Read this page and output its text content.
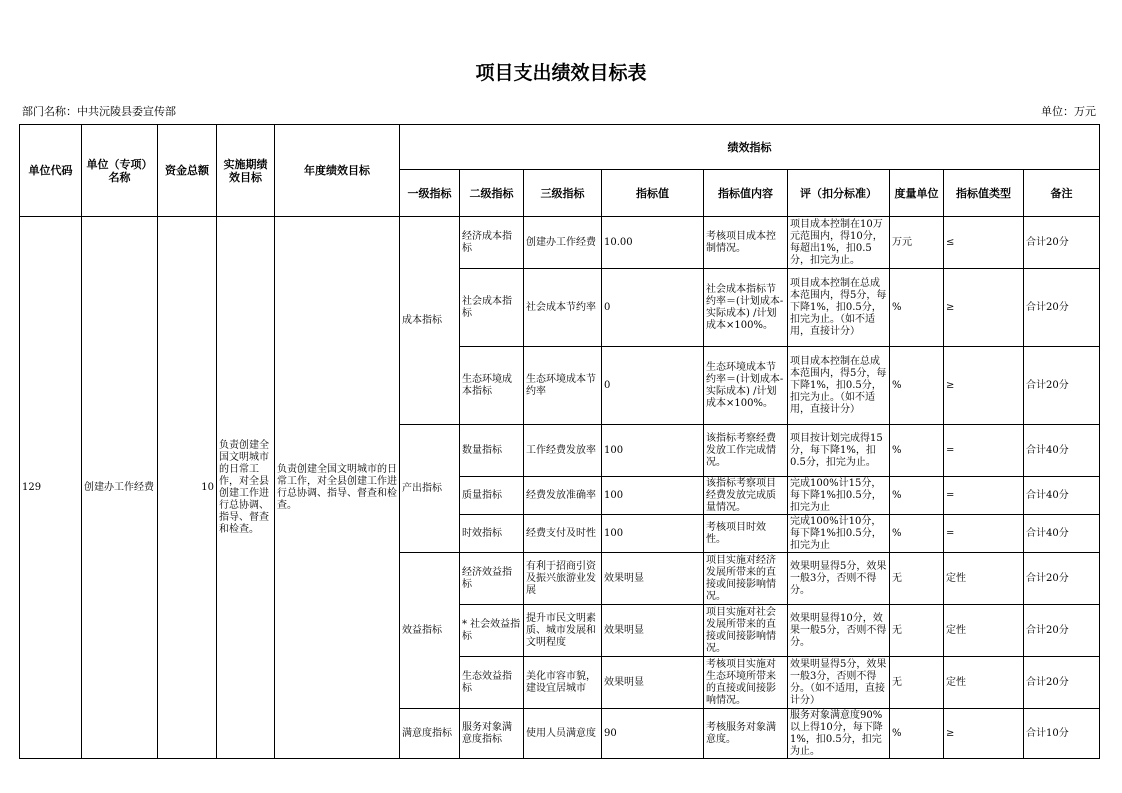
项目支出绩效目标表
部门名称：中共沅陵县委宣传部	单位：万元
单位代码	单位（专项）名称	资金总额	实施期绩效目标	年度绩效目标	绩效指标								
					一级指标	二级指标	三级指标	指标值	指标值内容	评（扣分标准）	度量单位	指标值类型	备注
129	创建办工作经费	10	负责创建全国文明城市的日常工作，对全县创建工作进行总协调、指导、督查和检查。	负责创建全国文明城市的日常工作，对全县创建工作进行总协调、指导、督查和检查。	成本指标	经济成本指标	创建办工作经费	10.00	考核项目成本控制情况。	项目成本控制在10万元范围内，得10分，每超出1%，扣0.5分，扣完为止。	万元	≤	合计20分
						社会成本指标	社会成本节约率	0	社会成本指标节约率＝(计划成本-实际成本) /计划成本×100%。	项目成本控制在总成本范围内，得5分，每下降1%，扣0.5分，扣完为止。（如不适用，直接计分）	%	≥	合计20分
						生态环境成本指标	生态环境成本节约率	0	生态环境成本节约率＝(计划成本-实际成本) /计划成本×100%。	项目成本控制在总成本范围内，得5分，每下降1%，扣0.5分，扣完为止。（如不适用，直接计分）	%	≥	合计20分
					产出指标	数量指标	工作经费发放率	100	该指标考察经费发放工作完成情况。	项目按计划完成得15分，每下降1%，扣0.5分，扣完为止。	%	=	合计40分
						质量指标	经费发放准确率	100	该指标考察项目经费发放完成质量情况。	完成100%计15分，每下降1%扣0.5分，扣完为止	%	=	合计40分
						时效指标	经费支付及时性	100	考核项目时效性。	完成100%计10分，每下降1%扣0.5分，扣完为止	%	=	合计40分
					效益指标	经济效益指标	有利于招商引资及振兴旅游业发展	效果明显	项目实施对经济发展所带来的直接或间接影响情况。	效果明显得5分，效果一般3分，否则不得分。	无	定性	合计20分
						* 社会效益指标	提升市民文明素质、城市发展和文明程度	效果明显	项目实施对社会发展所带来的直接或间接影响情况。	效果明显得10分，效果一般5分，否则不得分。	无	定性	合计20分
						生态效益指标	美化市容市貌，建设宜居城市	效果明显	考核项目实施对生态环境所带来的直接或间接影响情况。	效果明显得5分，效果一般3分，否则不得分。（如不适用，直接计分）	无	定性	合计20分
					满意度指标	服务对象满意度指标	使用人员满意度	90	考核服务对象满意度。	服务对象满意度90%以上得10分，每下降1%，扣0.5分，扣完为止。	%	≥	合计10分
